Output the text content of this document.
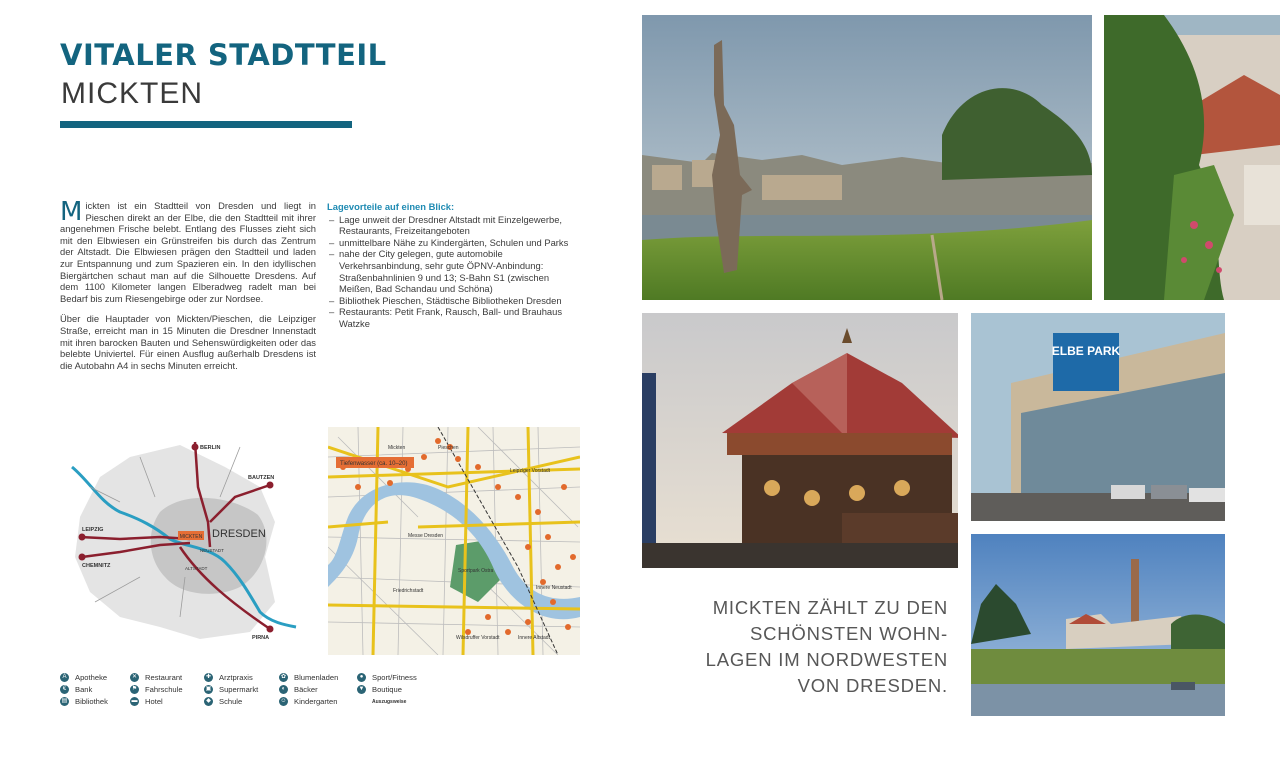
VITALER STADTTEIL
MICKTEN

Mickten ist ein Stadtteil von Dresden und liegt in Pieschen direkt an der Elbe, die den Stadtteil mit ihrer angenehmen Frische belebt. Entlang des Flusses zieht sich mit den Elbwiesen ein Grünstreifen bis durch das Zentrum der Altstadt. Die Elbwiesen prägen den Stadtteil und laden zur Entspannung und zum Spazieren ein. In den idyllischen Biergärtchen schaut man auf die Silhouette Dresdens. Auf dem 1100 Kilometer langen Elberadweg radelt man bei Bedarf bis zum Riesengebirge oder zur Nordsee.

Über die Hauptader von Mickten/Pieschen, die Leipziger Straße, erreicht man in 15 Minuten die Dresdner Innenstadt mit ihren barocken Bauten und Sehenswürdigkeiten oder das belebte Univiertel. Für einen Ausflug außerhalb Dresdens ist die Autobahn A4 in sechs Minuten erreicht.

Lagevorteile auf einen Blick:
– Lage unweit der Dresdner Altstadt mit Einzelgewerbe, Restaurants, Freizeitangeboten
– unmittelbare Nähe zu Kindergärten, Schulen und Parks
– nahe der City gelegen, gute automobile Verkehrsanbindung, sehr gute ÖPNV-Anbindung: Straßenbahnlinien 9 und 13; S-Bahn S1 (zwischen Meißen, Bad Schandau und Schöna)
– Bibliothek Pieschen, Städtische Bibliotheken Dresden
– Restaurants: Petit Frank, Rausch, Ball- und Brauhaus Watzke
MICKTEN DRESDEN
BERLIN
BAUTZEN
LEIPZIG
CHEMNITZ
PIRNA
NEUSTADT
ALTSTADT
Tiefenwasser (ca. 10–20)
Mickten	Pieschen
Leipziger Vorstadt
Messe Dresden
Sportpark Ostra
Friedrichstadt	Innere Neustadt
Wilsdruffer Vorstadt	Innere Altstadt
A	Apotheke
€	Bank
▤ Bibliothek
✕ Restaurant
⚑ Fahrschule
▬ Hotel
✚ Arztpraxis
▣ Supermarkt
◆ Schule
✿ Blumenladen
◐	Bäcker
☺ Kindergarten
●	Sport/Fitness
▼ Boutique
Auszugsweise
ELBE PARK
MICKTEN ZÄHLT ZU DEN
SCHÖNSTEN WOHN-
LAGEN IM NORDWESTEN
VON DRESDEN.
